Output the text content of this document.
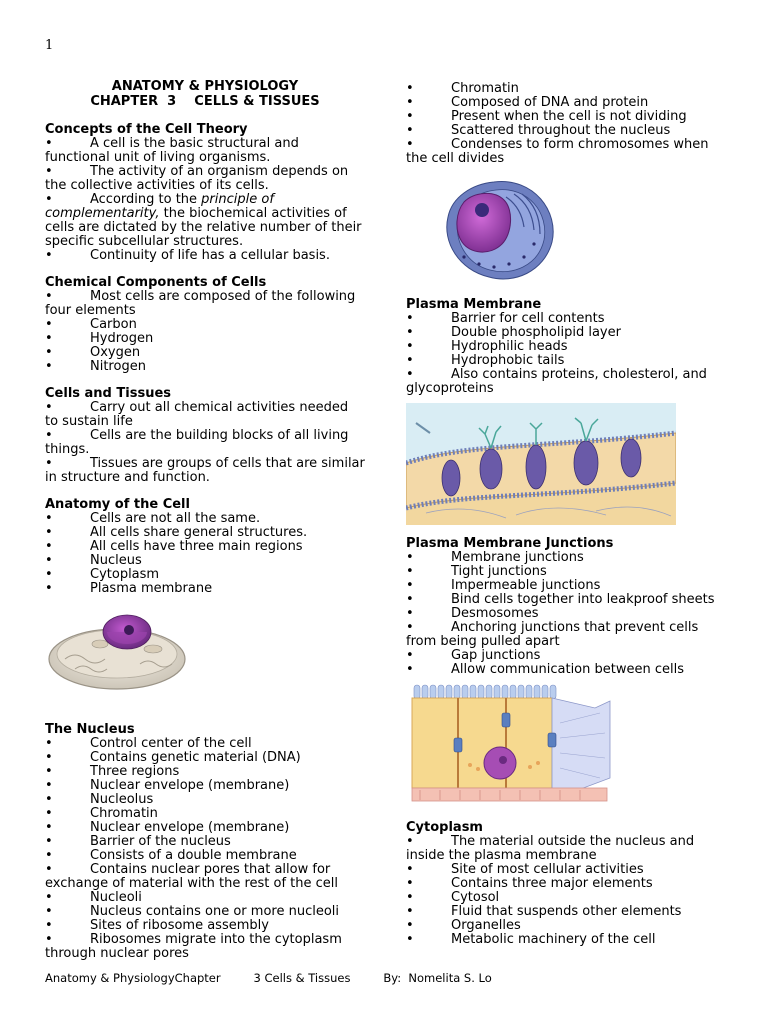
1
ANATOMY & PHYSIOLOGY
CHAPTER  3    CELLS & TISSUES
Concepts of the Cell Theory
•	A cell is the basic structural and functional unit of living organisms.
•	The activity of an organism depends on the collective activities of its cells.
•	According to the principle of complementarity, the biochemical activities of cells are dictated by the relative number of their specific subcellular structures.
•	Continuity of life has a cellular basis.
Chemical Components of Cells
•	Most cells are composed of the following four elements
•	Carbon
•	Hydrogen
•	Oxygen
•	Nitrogen
Cells and Tissues
•	Carry out all chemical activities needed to sustain life
•	Cells are the building blocks of all living things.
•	Tissues are groups of cells that are similar in structure and function.
Anatomy of the Cell
•	Cells are not all the same.
•	All cells share general structures.
•	All cells have three main regions
•	Nucleus
•	Cytoplasm
•	Plasma membrane
The Nucleus
•	Control center of the cell
•	Contains genetic material (DNA)
•	Three regions
•	Nuclear envelope (membrane)
•	Nucleolus
•	Chromatin
•	Nuclear envelope (membrane)
•	Barrier of the nucleus
•	Consists of a double membrane
•	Contains nuclear pores that allow for exchange of material with the rest of the cell
•	Nucleoli
•	Nucleus contains one or more nucleoli
•	Sites of ribosome assembly
•	Ribosomes migrate into the cytoplasm through nuclear pores
•	Chromatin
•	Composed of DNA and protein
•	Present when the cell is not dividing
•	Scattered throughout the nucleus
•	Condenses to form chromosomes when the cell divides
Plasma Membrane
•	Barrier for cell contents
•	Double phospholipid layer
•	Hydrophilic heads
•	Hydrophobic tails
•	Also contains proteins, cholesterol, and glycoproteins
Plasma Membrane Junctions
•	Membrane junctions
•	Tight junctions
•	Impermeable junctions
•	Bind cells together into leakproof sheets
•	Desmosomes
•	Anchoring junctions that prevent cells from being pulled apart
•	Gap junctions
•	Allow communication between cells
Cytoplasm
•	The material outside the nucleus and inside the plasma membrane
•	Site of most cellular activities
•	Contains three major elements
•	Cytosol
•	Fluid that suspends other elements
•	Organelles
•	Metabolic machinery of the cell
Anatomy & PhysiologyChapter         3 Cells & Tissues         By:  Nomelita S. Lo
